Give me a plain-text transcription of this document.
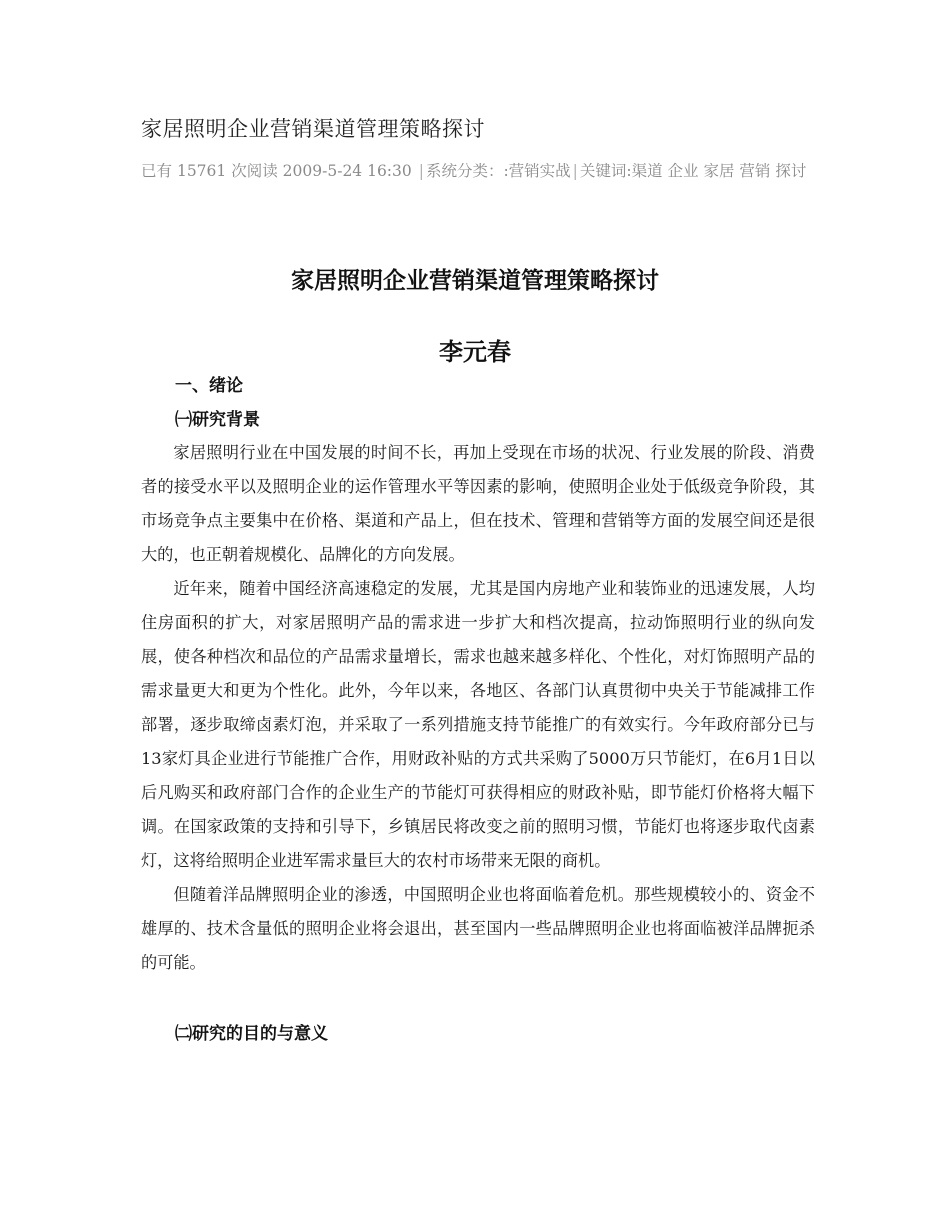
家居照明企业营销渠道管理策略探讨
已有 15761 次阅读 2009-5-24 16:30 | 系统分类：:营销实战 | 关键词:渠道 企业 家居 营销 探讨
家居照明企业营销渠道管理策略探讨
李元春
一、绪论
㈠研究背景

家居照明行业在中国发展的时间不长，再加上受现在市场的状况、行业发展的阶段、消费者的接受水平以及照明企业的运作管理水平等因素的影响，使照明企业处于低级竞争阶段，其市场竞争点主要集中在价格、渠道和产品上，但在技术、管理和营销等方面的发展空间还是很大的，也正朝着规模化、品牌化的方向发展。

近年来，随着中国经济高速稳定的发展，尤其是国内房地产业和装饰业的迅速发展，人均住房面积的扩大，对家居照明产品的需求进一步扩大和档次提高，拉动饰照明行业的纵向发展，使各种档次和品位的产品需求量增长，需求也越来越多样化、个性化，对灯饰照明产品的需求量更大和更为个性化。此外，今年以来，各地区、各部门认真贯彻中央关于节能减排工作部署，逐步取缔卤素灯泡，并采取了一系列措施支持节能推广的有效实行。今年政府部分已与13家灯具企业进行节能推广合作，用财政补贴的方式共采购了5000万只节能灯，在6月1日以后凡购买和政府部门合作的企业生产的节能灯可获得相应的财政补贴，即节能灯价格将大幅下调。在国家政策的支持和引导下，乡镇居民将改变之前的照明习惯，节能灯也将逐步取代卤素灯，这将给照明企业进军需求量巨大的农村市场带来无限的商机。

但随着洋品牌照明企业的渗透，中国照明企业也将面临着危机。那些规模较小的、资金不雄厚的、技术含量低的照明企业将会退出，甚至国内一些品牌照明企业也将面临被洋品牌扼杀的可能。

㈡研究的目的与意义
